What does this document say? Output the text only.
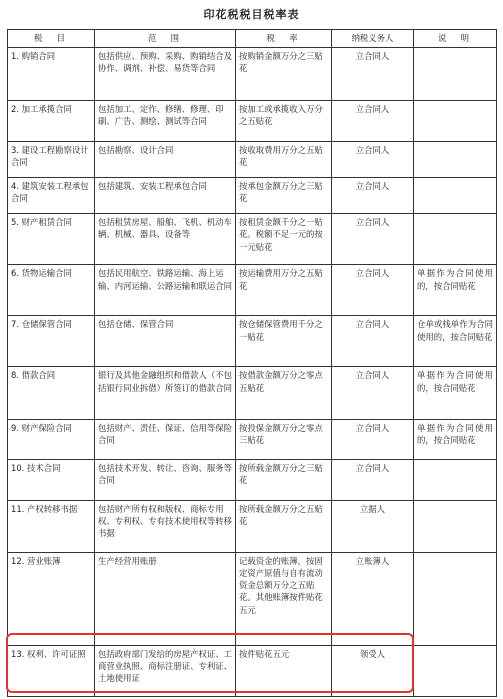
印花税税目税率表
税　目	范　围	税　率	纳税义务人	说　明
1. 购销合同	包括供应、预购、采购、购销结合及协作、调剂、补偿、易货等合同	按购销金额万分之三贴花	立合同人	
2. 加工承揽合同	包括加工、定作、修缮、修理、印刷、广告、测绘、测试等合同	按加工或承揽收入万分之五贴花	立合同人	
3. 建设工程勘察设计合同	包括勘察、设计合同	按收取费用万分之五贴花	立合同人	
4. 建筑安装工程承包合同	包括建筑、安装工程承包合同	按承包金额万分之三贴花	立合同人	
5. 财产租赁合同	包括租赁房屋、船舶、飞机、机动车辆、机械、器具、设备等	按租赁金额千分之一贴花。税额不足一元的按一元贴花	立合同人	
6. 货物运输合同	包括民用航空、铁路运输、海上运输、内河运输、公路运输和联运合同	按运输费用万分之五贴花	立合同人	单据作为合同使用的，按合同贴花
7. 仓储保管合同	包括仓储、保管合同	按仓储保管费用千分之一贴花	立合同人	仓单或栈单作为合同使用的，按合同贴花
8. 借款合同	银行及其他金融组织和借款人（不包括银行同业拆借）所签订的借款合同	按借款金额万分之零点五贴花	立合同人	单据作为合同使用的，按合同贴花
9. 财产保险合同	包括财产、责任、保证、信用等保险合同	按投保金额万分之零点三贴花	立合同人	单据作为合同使用的，按合同贴花
10. 技术合同	包括技术开发、转让、咨询、服务等合同	按所载金额万分之三贴花	立合同人	
11. 产权转移书据	包括财产所有权和版权、商标专用权、专利权、专有技术使用权等转移书据	按所载金额万分之五贴花	立据人	
12. 营业账簿	生产经营用账册	记载资金的账簿，按固定资产原值与自有流动资金总额万分之五贴花。其他账簿按件贴花五元	立账簿人	
13. 权利、许可证照	包括政府部门发给的房屋产权证、工商营业执照、商标注册证、专利证、土地使用证	按件贴花五元	领受人	
